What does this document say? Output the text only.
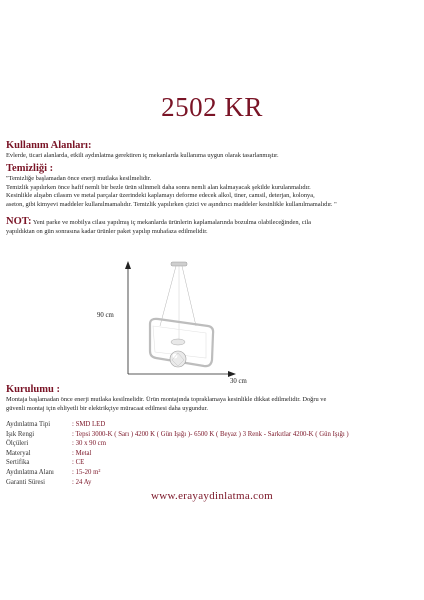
2502 KR
Kullanım Alanları:
Evlerde, ticari alanlarda, etkili aydınlatma gerektiren iç mekanlarda kullanıma uygun olarak tasarlanmıştır.
Temizliği :
"Temizliğe başlamadan önce enerji mutlaka kesilmelidir.
Temizlik yapılırken önce hafif nemli bir bezle ürün silinmeli daha sonra nemli alan kalmayacak şekilde kurulanmalıdır.
Kesinlikle alışabn cilasım ve metal parçalar üzerindeki kaplamayı deforme edecek alkol, tiner, camsil, deterjan, kolonya,
aseton, gibi kimyevi maddeler kullanılmamalıdır. Temizlik yapılırken çizici ve aşındırıcı maddeler kesinlikle kullanılmamalıdır. "
NOT: Yeni parke ve mobilya cilası yapılmış iç mekanlarda ürünlerin kaplamalarında bozulma olabileceğinden, cila
yapıldıktan on gün sonrasına kadar ürünler paket yapılıp muhafaza edilmelidir.
90 cm
30 cm
Kurulumu :
Montaja başlamadan önce enerji mutlaka kesilmelidir. Ürün montajında topraklamaya kesinlikle dikkat edilmelidir. Doğru ve
güvenli montaj için ehliyetli bir elektrikçiye müracaat edilmesi daha uygundur.
Aydınlatma Tipi	: SMD LED
Işık Rengi	: Tepsi 3000-K ( Sarı ) 4200 K ( Gün Işığı )- 6500 K ( Beyaz ) 3 Renk - Sarkıtlar 4200-K ( Gün Işığı )
Ölçüleri	: 30 x 90 cm
Materyal	: Metal
Sertifika	: CE
Aydınlatma Alanı	: 15-20 m²
Garanti Süresi	: 24 Ay
www.erayaydinlatma.com
